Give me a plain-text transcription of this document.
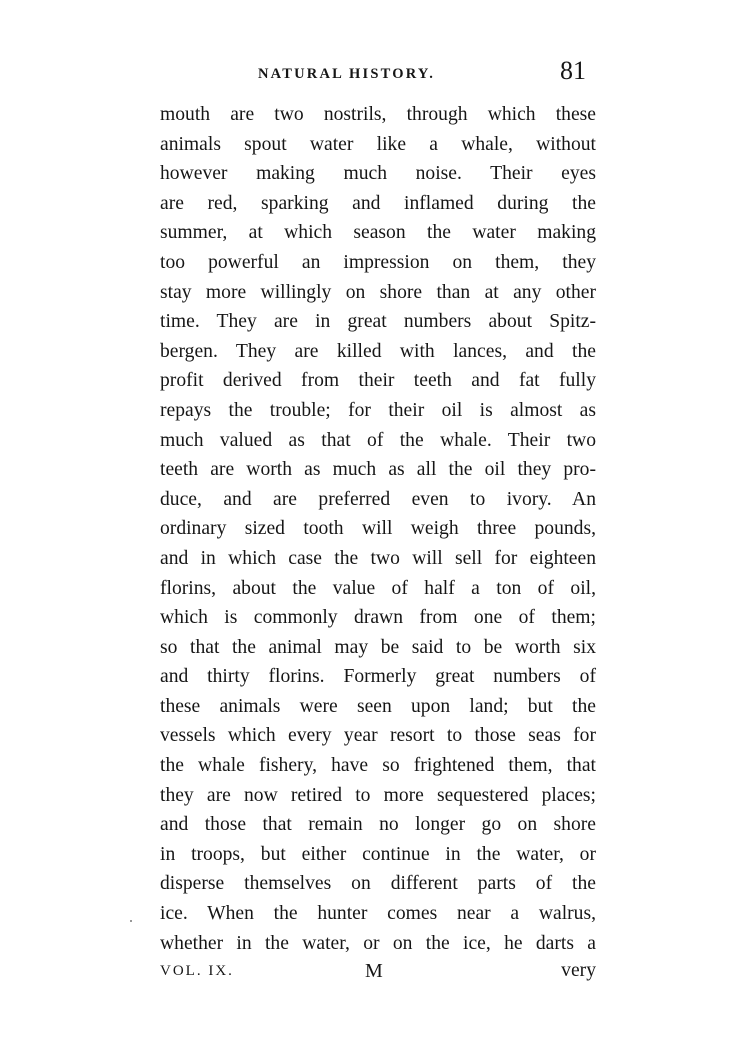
NATURAL HISTORY.	81
mouth are two nostrils, through which these
animals spout water like a whale, without
however making much noise. Their eyes
are red, sparking and inflamed during the
summer, at which season the water making
too powerful an impression on them, they
stay more willingly on shore than at any other
time. They are in great numbers about Spitz-
bergen. They are killed with lances, and the
profit derived from their teeth and fat fully
repays the trouble; for their oil is almost as
much valued as that of the whale. Their two
teeth are worth as much as all the oil they pro-
duce, and are preferred even to ivory. An
ordinary sized tooth will weigh three pounds,
and in which case the two will sell for eighteen
florins, about the value of half a ton of oil,
which is commonly drawn from one of them;
so that the animal may be said to be worth six
and thirty florins. Formerly great numbers of
these animals were seen upon land; but the
vessels which every year resort to those seas for
the whale fishery, have so frightened them, that
they are now retired to more sequestered places;
and those that remain no longer go on shore
in troops, but either continue in the water, or
disperse themselves on different parts of the
ice. When the hunter comes near a walrus,
whether in the water, or on the ice, he darts a
VOL. IX.	M	very
